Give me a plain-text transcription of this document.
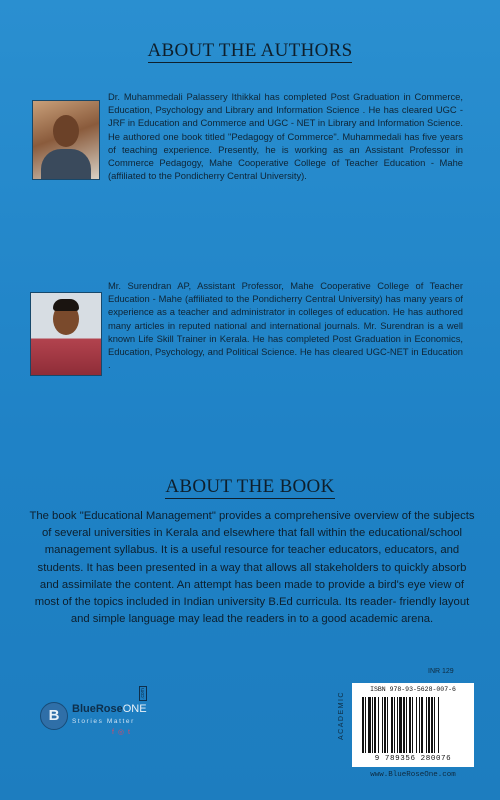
ABOUT THE AUTHORS

Dr. Muhammedali Palassery Ithikkal has completed Post Graduation in Commerce, Education, Psychology and Library and Information Science . He has cleared UGC - JRF in Education and Commerce and UGC - NET in Library and Information Science. He authored one book titled "Pedagogy of Commerce". Muhammedali has five years of teaching experience. Presently, he is working as an Assistant Professor in Commerce Pedagogy, Mahe Cooperative College of Teacher Education - Mahe (affiliated to the Pondicherry Central University).

Mr. Surendran AP, Assistant Professor, Mahe Cooperative College of Teacher Education - Mahe (affiliated to the Pondicherry Central University) has many years of experience as a teacher and administrator in colleges of education. He has authored many articles in reputed national and international journals. Mr. Surendran is a well known Life Skill Trainer in Kerala. He has completed Post Graduation in Economics, Education, Psychology, and Political Science. He has cleared UGC-NET in Education .

ABOUT THE BOOK

The book "Educational Management" provides a comprehensive overview of the subjects of several universities in Kerala and elsewhere that fall within the educational/school management syllabus. It is a useful resource for teacher educators, educators, and students. It has been presented in a way that allows all stakeholders to quickly absorb and assimilate the content. An attempt has been made to provide a bird's eye view of most of the topics included in Indian university B.Ed curricula. Its reader- friendly layout and simple language may lead the readers in to a good academic arena.

INR 129
B	BlueRoseONE
Stories Matter
.com
f ◎ t	ACADEMIC
ISBN 978-93-5628-007-6
9 789356 280076
www.BlueRoseOne.com
